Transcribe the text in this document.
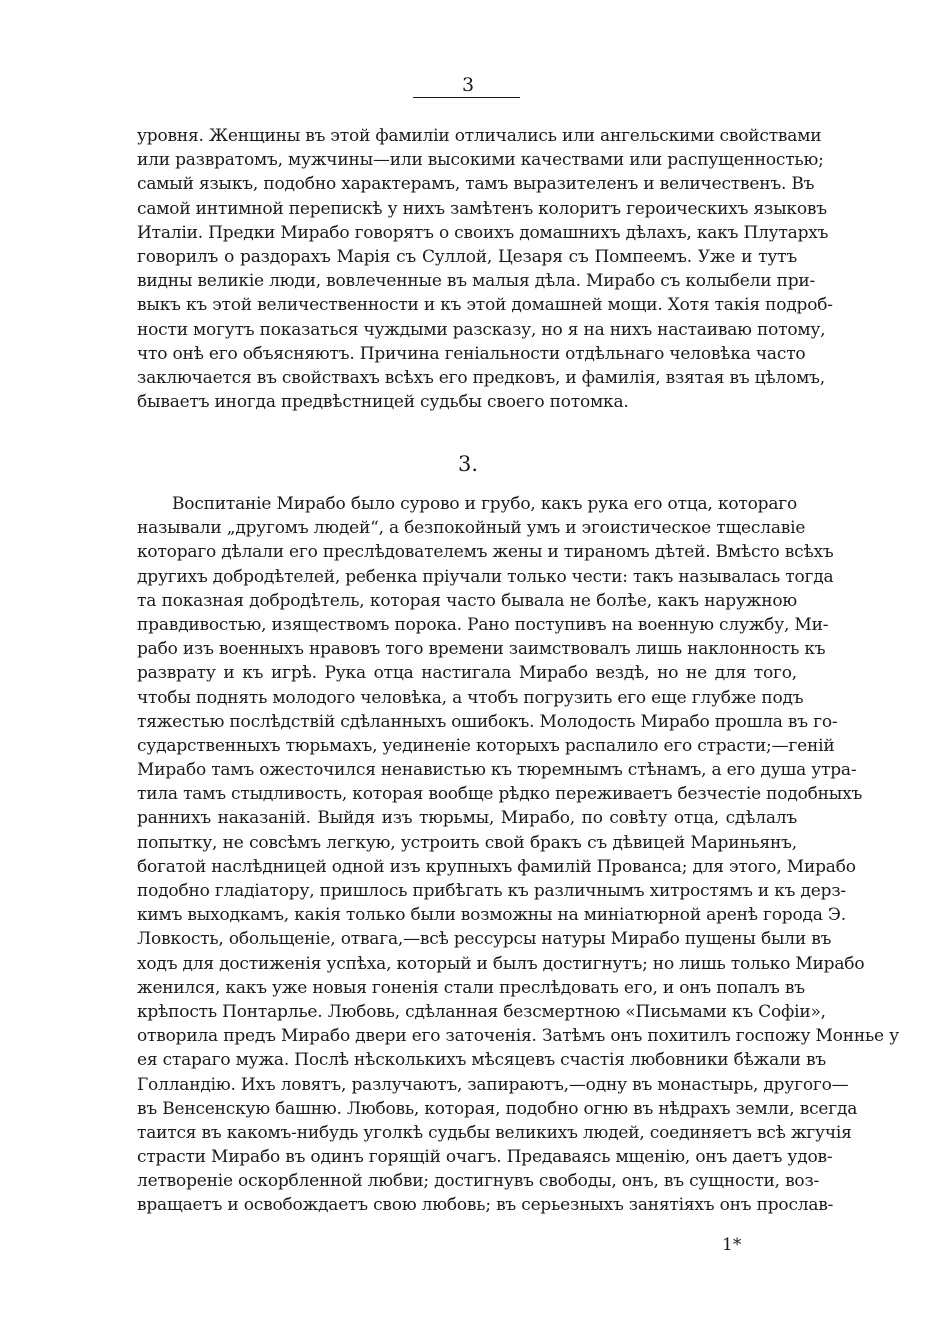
3
уровня. Женщины въ этой фамиліи отличались или ангельскими свойствами
или развратомъ, мужчины—или высокими качествами или распущенностью;
самый языкъ, подобно характерамъ, тамъ выразителенъ и величественъ. Въ
самой интимной перепискѣ у нихъ замѣтенъ колоритъ героическихъ языковъ
Италіи. Предки Мирабо говорятъ о своихъ домашнихъ дѣлахъ, какъ Плутархъ
говорилъ о раздорахъ Марія съ Суллой, Цезаря съ Помпеемъ. Уже и тутъ
видны великіе люди, вовлеченные въ малыя дѣла. Мирабо съ колыбели при-
выкъ къ этой величественности и къ этой домашней мощи. Хотя такія подроб-
ности могутъ показаться чуждыми разсказу, но я на нихъ настаиваю потому,
что онѣ его объясняютъ. Причина геніальности отдѣльнаго человѣка часто
заключается въ свойствахъ всѣхъ его предковъ, и фамилія, взятая въ цѣломъ,
бываетъ иногда предвѣстницей судьбы своего потомка.
3.
Воспитаніе Мирабо было сурово и грубо, какъ рука его отца, котораго
называли „другомъ людей“, а безпокойный умъ и эгоистическое тщеславіе
котораго дѣлали его преслѣдователемъ жены и тираномъ дѣтей. Вмѣсто всѣхъ
другихъ добродѣтелей, ребенка пріучали только чести: такъ называлась тогда
та показная добродѣтель, которая часто бывала не болѣе, какъ наружною
правдивостью, изяществомъ порока. Рано поступивъ на военную службу, Ми-
рабо изъ военныхъ нравовъ того времени заимствовалъ лишь наклонность къ
разврату и къ игрѣ. Рука отца настигала Мирабо вездѣ, но не для того,
чтобы поднять молодого человѣка, а чтобъ погрузить его еще глубже подъ
тяжестью послѣдствій сдѣланныхъ ошибокъ. Молодость Мирабо прошла въ го-
сударственныхъ тюрьмахъ, уединеніе которыхъ распалило его страсти;—геній
Мирабо тамъ ожесточился ненавистью къ тюремнымъ стѣнамъ, а его душа утра-
тила тамъ стыдливость, которая вообще рѣдко переживаетъ безчестіе подобныхъ
раннихъ наказаній. Выйдя изъ тюрьмы, Мирабо, по совѣту отца, сдѣлалъ
попытку, не совсѣмъ легкую, устроить свой бракъ съ дѣвицей Мариньянъ,
богатой наслѣдницей одной изъ крупныхъ фамилій Прованса; для этого, Мирабо
подобно гладіатору, пришлось прибѣгать къ различнымъ хитростямъ и къ дерз-
кимъ выходкамъ, какія только были возможны на миніатюрной аренѣ города Э.
Ловкость, обольщеніе, отвага,—всѣ рессурсы натуры Мирабо пущены были въ
ходъ для достиженія успѣха, который и былъ достигнутъ; но лишь только Мирабо
женился, какъ уже новыя гоненія стали преслѣдовать его, и онъ попалъ въ
крѣпость Понтарлье. Любовь, сдѣланная безсмертною «Письмами къ Софіи»,
отворила предъ Мирабо двери его заточенія. Затѣмъ онъ похитилъ госпожу Моннье у
ея стараго мужа. Послѣ нѣсколькихъ мѣсяцевъ счастія любовники бѣжали въ
Голландію. Ихъ ловятъ, разлучаютъ, запираютъ,—одну въ монастырь, другого—
въ Венсенскую башню. Любовь, которая, подобно огню въ нѣдрахъ земли, всегда
таится въ какомъ-нибудь уголкѣ судьбы великихъ людей, соединяетъ всѣ жгучія
страсти Мирабо въ одинъ горящій очагъ. Предаваясь мщенію, онъ даетъ удов-
летвореніе оскорбленной любви; достигнувъ свободы, онъ, въ сущности, воз-
вращаетъ и освобождаетъ свою любовь; въ серьезныхъ занятіяхъ онъ прослав-
1*
